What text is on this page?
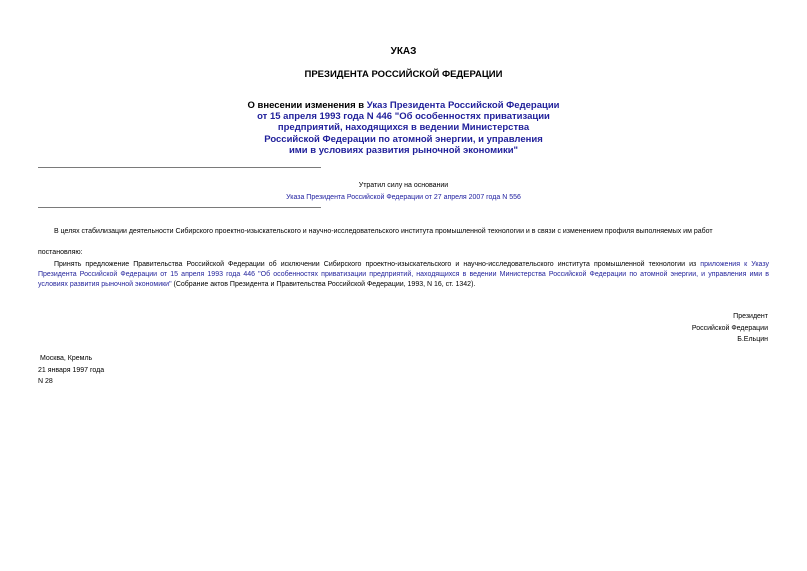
УКАЗ
ПРЕЗИДЕНТА РОССИЙСКОЙ ФЕДЕРАЦИИ
О внесении изменения в Указ Президента Российской Федерации
от 15 апреля 1993 года N 446 "Об особенностях приватизации
предприятий, находящихся в ведении Министерства
Российской Федерации по атомной энергии, и управления
ими в условиях развития рыночной экономики"
Утратил силу на основании
Указа Президента Российской Федерации от 27 апреля 2007 года N 556
В целях стабилизации деятельности Сибирского проектно-изыскательского и научно-исследовательского института промышленной технологии и в связи с изменением профиля выполняемых им работ
постановляю:
Принять предложение Правительства Российской Федерации об исключении Сибирского проектно-изыскательского и научно-исследовательского института промышленной технологии из приложения к Указу Президента Российской Федерации от 15 апреля 1993 года 446 "Об особенностях приватизации предприятий, находящихся в ведении Министерства Российской Федерации по атомной энергии, и управления ими в условиях развития рыночной экономики" (Собрание актов Президента и Правительства Российской Федерации, 1993, N 16, ст. 1342).
Президент
Российской Федерации
Б.Ельцин
Москва, Кремль
21 января 1997 года
N 28
